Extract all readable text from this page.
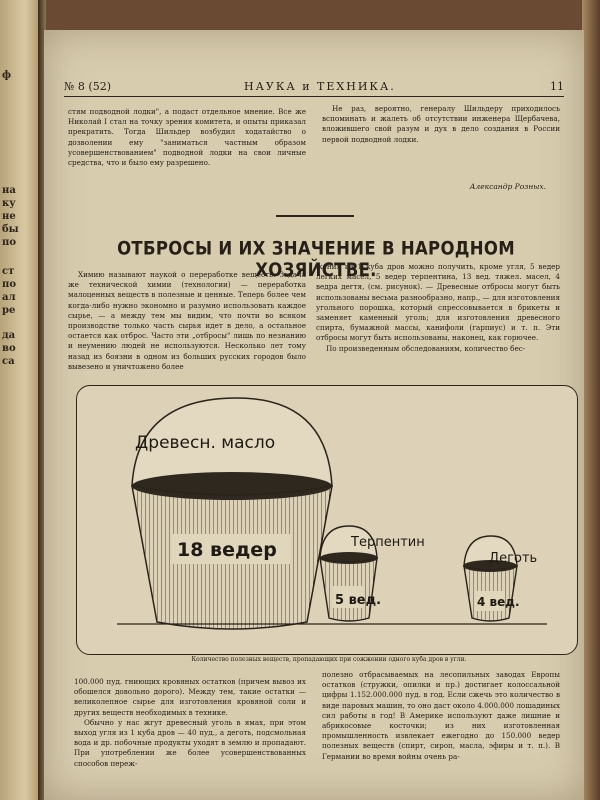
на
ку
не
бы
по
ст
по
ал
ре
да
во
са
ф
№ 8 (52)	НАУКА и ТЕХНИКА.	11

стям подводной лодки", а подаст отдельное мнение. Все же Николай I стал на точку зрения комитета, и опыты приказал прекратить. Тогда Шильдер возбудил ходатайство о дозволении ему "заниматься частным образом усовершенствованием" подводной лодки на свои личные средства, что и было ему разрешено.

Не раз, вероятно, генералу Шильдеру приходилось вспоминать и жалеть об отсутствии инженера Щербачева, вложившего свой разум и дух в дело создания в России первой подводной лодки.

Александр Розных.
ОТБРОСЫ И ИХ ЗНАЧЕНИЕ В НАРОДНОМ ХОЗЯЙСТВЕ.

Химию называют наукой о переработке веществ. Задача же технической химии (технологии) — переработка малоценных веществ в полезные и ценные. Теперь более чем когда-либо нужно экономно и разумно использовать каждое сырье, — а между тем мы видим, что почти во всяком производстве только часть сырья идет в дело, а остальное остается как отброс. Часто эти „отбросы" лишь по незнанию и неумению людей не используются. Несколько лет тому назад из боязни в одном из больших русских городов было вывезено и уничтожено более

жения из 1 куба дров можно получить, кроме угля, 5 ведер легких масел, 5 ведер терпентина, 13 вед. тяжел. масел, 4 ведра дегтя, (см. рисунок). — Древесные отбросы могут быть использованы весьма разнообразно, напр., — для изготовления угольного порошка, который спрессовывается в брикеты и заменяет каменный уголь; для изготовления древесного спирта, бумажной массы, канифоли (гарпиус) и т. п. Эти отбросы могут быть использованы, наконец, как горючее.

По произведенным обследованиям, количество бес-

Древесн. масло
18 ведер	Терпентин
5 вед.
Деготь
4 вед.
Количество полезных веществ, пропадающих при сожжении одного куба дров в угли.

100.000 пуд. гниющих кровяных остатков (причем вывоз их обошелся довольно дорого). Между тем, такие остатки — великолепное сырье для изготовления кровяной соли и других веществ необходимых в технике.

Обычно у нас жгут древесный уголь в ямах, при этом выход угля из 1 куба дров — 40 пуд., а деготь, подсмольная вода и др. побочные продукты уходят в землю и пропадают. При употреблении же более усовершенствованных способов переж-

полезно отбрасываемых на лесопильных заводах Европы остатков (стружки, опилки и пр.) достигает колоссальной цифры 1.152.000.000 пуд. в год. Если сжечь это количество в виде паровых машин, то оно даст около 4.000.000 лошадиных сил работы в год! В Америке используют даже лишние и абрикосовые косточки; из них изготовленная промышленность извлекает ежегодно до 150.000 ведер полезных веществ (спирт, сироп, масла, эфиры и т. п.). В Германии во время войны очень ра-
